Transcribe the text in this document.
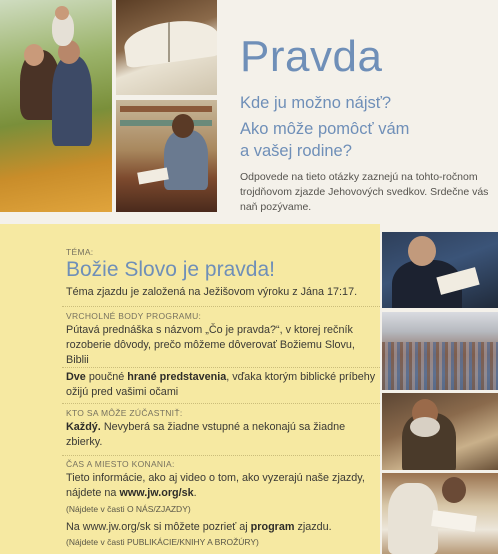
Pravda
Kde ju možno nájsť?
Ako môže pomôcť vám
a vašej rodine?
Odpovede na tieto otázky zaznejú na tohto-ročnom trojdňovom zjazde Jehovových svedkov. Srdečne vás naň pozývame.
TÉMA:
Božie Slovo je pravda!
Téma zjazdu je založená na Ježišovom výroku z Jána 17:17.
VRCHOLNÉ BODY PROGRAMU:
Pútavá prednáška s názvom „Čo je pravda?“, v ktorej rečník rozoberie dôvody, prečo môžeme dôverovať Božiemu Slovu, Biblii
Dve poučné hrané predstavenia, vďaka ktorým biblické príbehy ožijú pred vašimi očami
KTO SA MÔŽE ZÚČASTNIŤ:
Každý. Nevyberá sa žiadne vstupné a nekonajú sa žiadne zbierky.
ČAS A MIESTO KONANIA:
Tieto informácie, ako aj video o tom, ako vyzerajú naše zjazdy, nájdete na www.jw.org/sk.
(Nájdete v časti O NÁS/ZJAZDY)
Na www.jw.org/sk si môžete pozrieť aj program zjazdu.
(Nájdete v časti PUBLIKÁCIE/KNIHY A BROŽÚRY)
